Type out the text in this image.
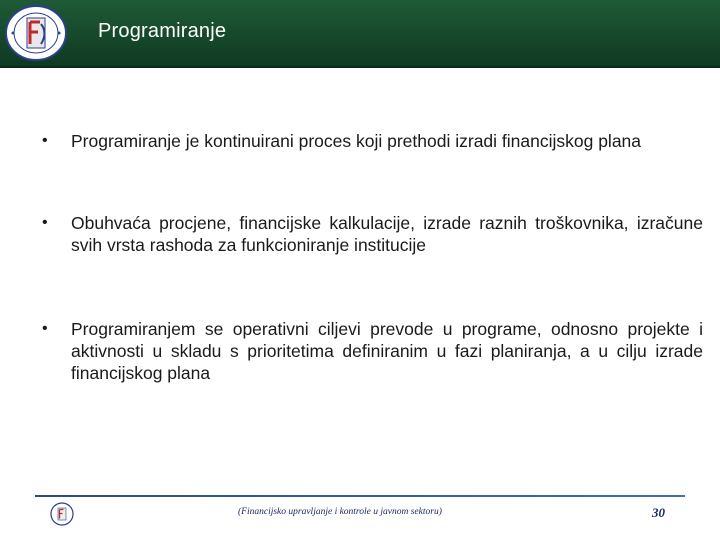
Programiranje
• Programiranje je kontinuirani proces koji prethodi izradi financijskog plana
• Obuhvaća procjene, financijske kalkulacije, izrade raznih troškovnika, izračune svih vrsta rashoda za funkcioniranje institucije
• Programiranjem se operativni ciljevi prevode u programe, odnosno projekte i aktivnosti u skladu s prioritetima definiranim u fazi planiranja, a u cilju izrade financijskog plana
(Financijsko upravljanje i kontrole u javnom sektoru)	30
